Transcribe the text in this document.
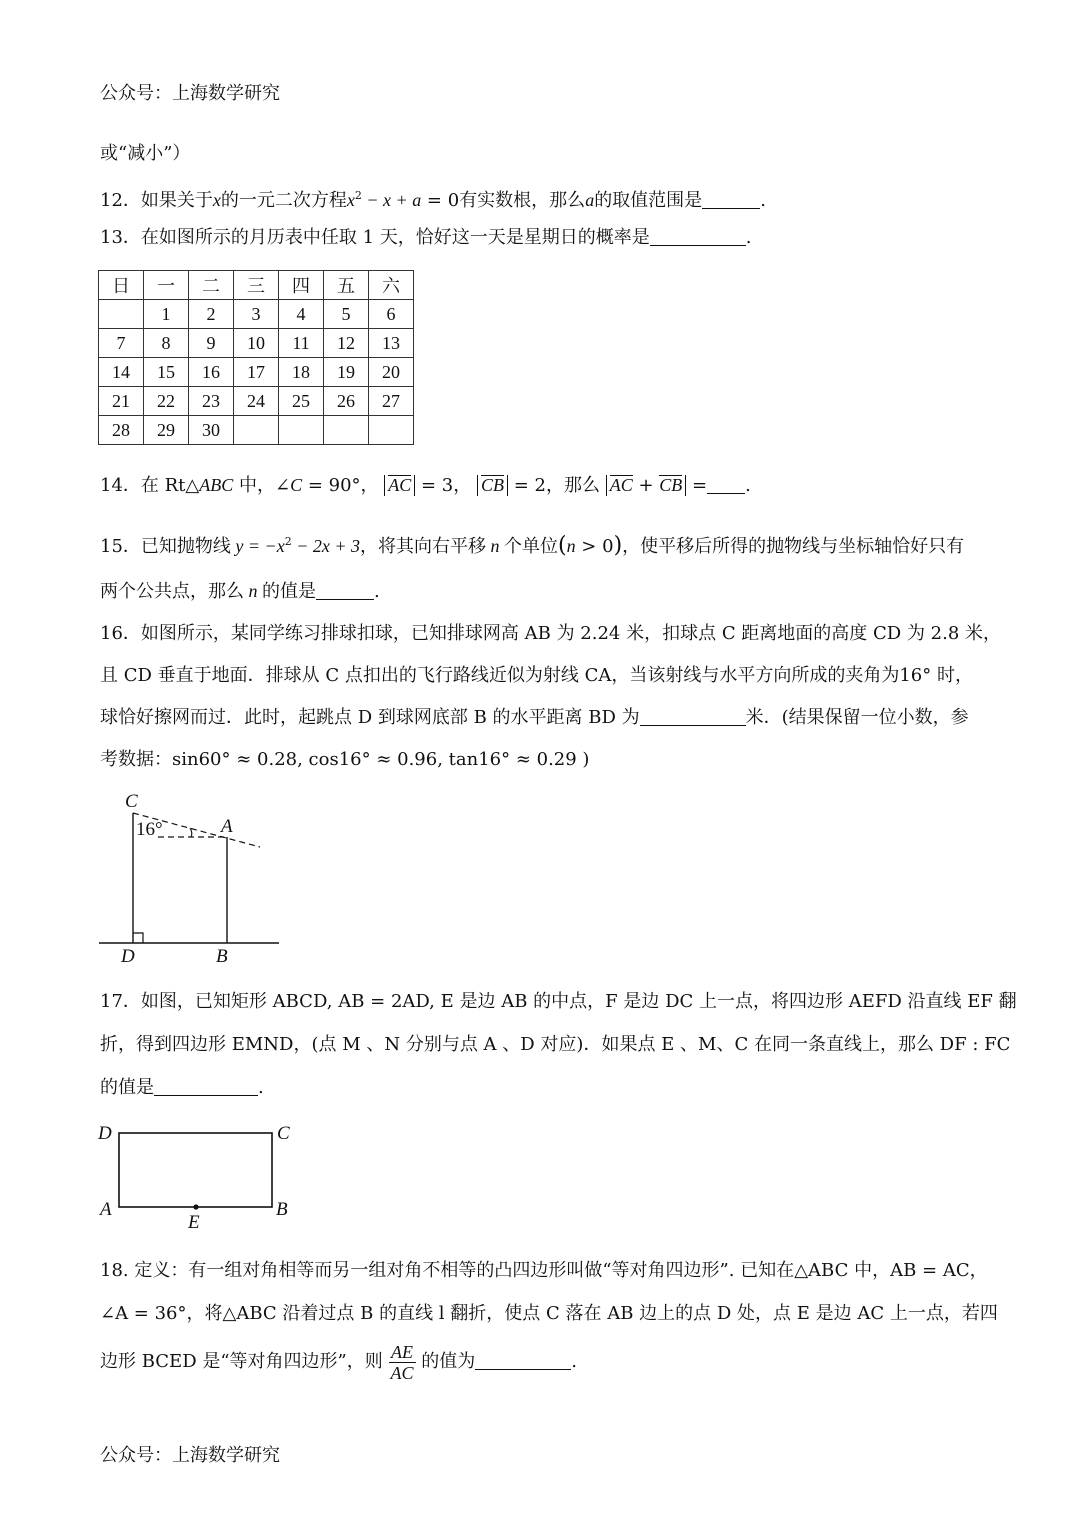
公众号：上海数学研究
或“减小”）
12．如果关于x的一元二次方程$x^2 - x + a = 0$有实数根，那么a的取值范围是	.
13．在如图所示的月历表中任取 1 天，恰好这一天是星期日的概率是	.
日	一	二	三	四	五	六
	1	2	3	4	5	6
7	8	9	10	11	12	13
14	15	16	17	18	19	20
21	22	23	24	25	26	27
28	29	30				
14．在 Rt△ABC 中，∠C = 90°， AC = 3， CB = 2，那么 AC + CB = .
15．已知抛物线 $y = -x^2 - 2x + 3$，将其向右平移 n 个单位(n > 0)，使平移后所得的抛物线与坐标轴恰好只有
两个公共点，那么 n 的值是	.
16．如图所示，某同学练习排球扣球，已知排球网高 AB 为 2.24 米，扣球点 C 距离地面的高度 CD 为 2.8 米，
且 CD 垂直于地面．排球从 C 点扣出的飞行路线近似为射线 CA，当该射线与水平方向所成的夹角为16° 时，
球恰好擦网而过．此时，起跳点 D 到球网底部 B 的水平距离 BD 为	米．(结果保留一位小数，参
考数据：sin60° ≈ 0.28, cos16° ≈ 0.96, tan16° ≈ 0.29 )
C
A
16°
D	B
17．如图，已知矩形 ABCD, AB = 2AD, E 是边 AB 的中点，F 是边 DC 上一点，将四边形 AEFD 沿直线 EF 翻
折，得到四边形 EMND，(点 M 、N 分别与点 A 、D 对应)．如果点 E 、M、C 在同一条直线上，那么 DF : FC
的值是	.
D	C
A	B
E
18. 定义：有一组对角相等而另一组对角不相等的凸四边形叫做“等对角四边形”. 已知在△ABC 中，AB = AC，
∠A = 36°，将△ABC 沿着过点 B 的直线 l 翻折，使点 C 落在 AB 边上的点 D 处，点 E 是边 AC 上一点，若四
边形 BCED 是“等对角四边形”，则 $\frac{AE}{AC}$ 的值为	.
公众号：上海数学研究
